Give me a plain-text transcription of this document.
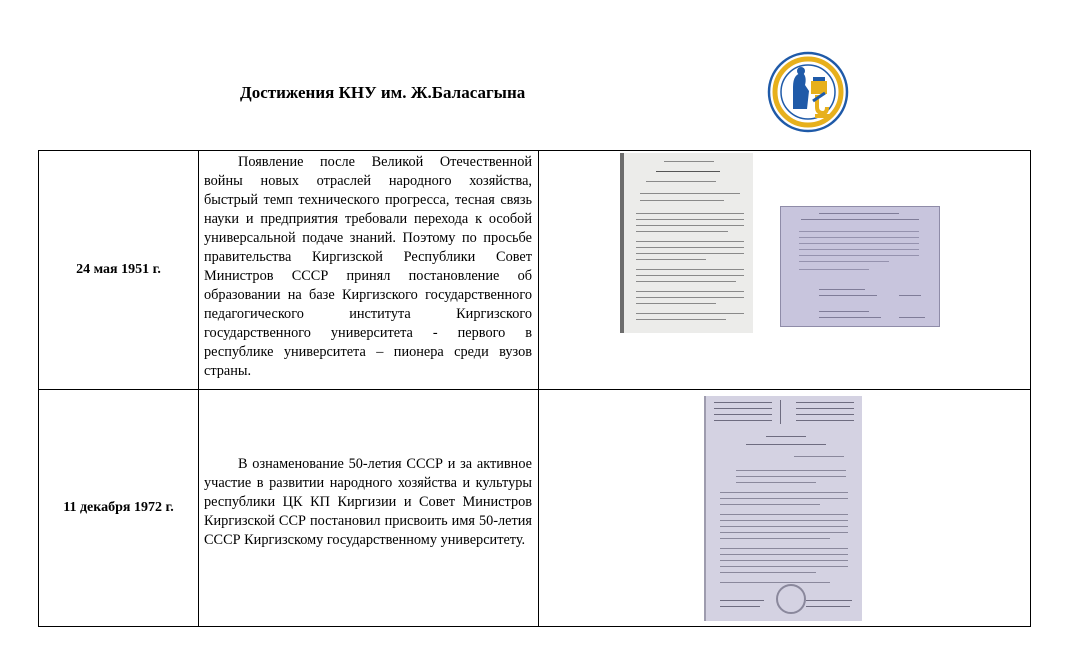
Достижения КНУ им. Ж.Баласагына
24 мая 1951 г.
Появление после Великой Отечественной войны новых отраслей народного хозяйства, быстрый темп технического прогресса, тесная связь науки и предприятия требовали перехода к особой универсальной подаче знаний. Поэтому по просьбе правительства Киргизской Республики Совет Министров СССР принял постановление об образовании на базе Киргизского государственного педагогического института Киргизского государственного университета - первого в республике университета – пионера среди вузов страны.
11 декабря 1972 г.
В ознаменование 50-летия СССР и за активное участие в развитии народного хозяйства и культуры республики ЦК КП Киргизии и Совет Министров Киргизской ССР постановил присвоить имя 50-летия СССР Киргизскому государственному университету.
